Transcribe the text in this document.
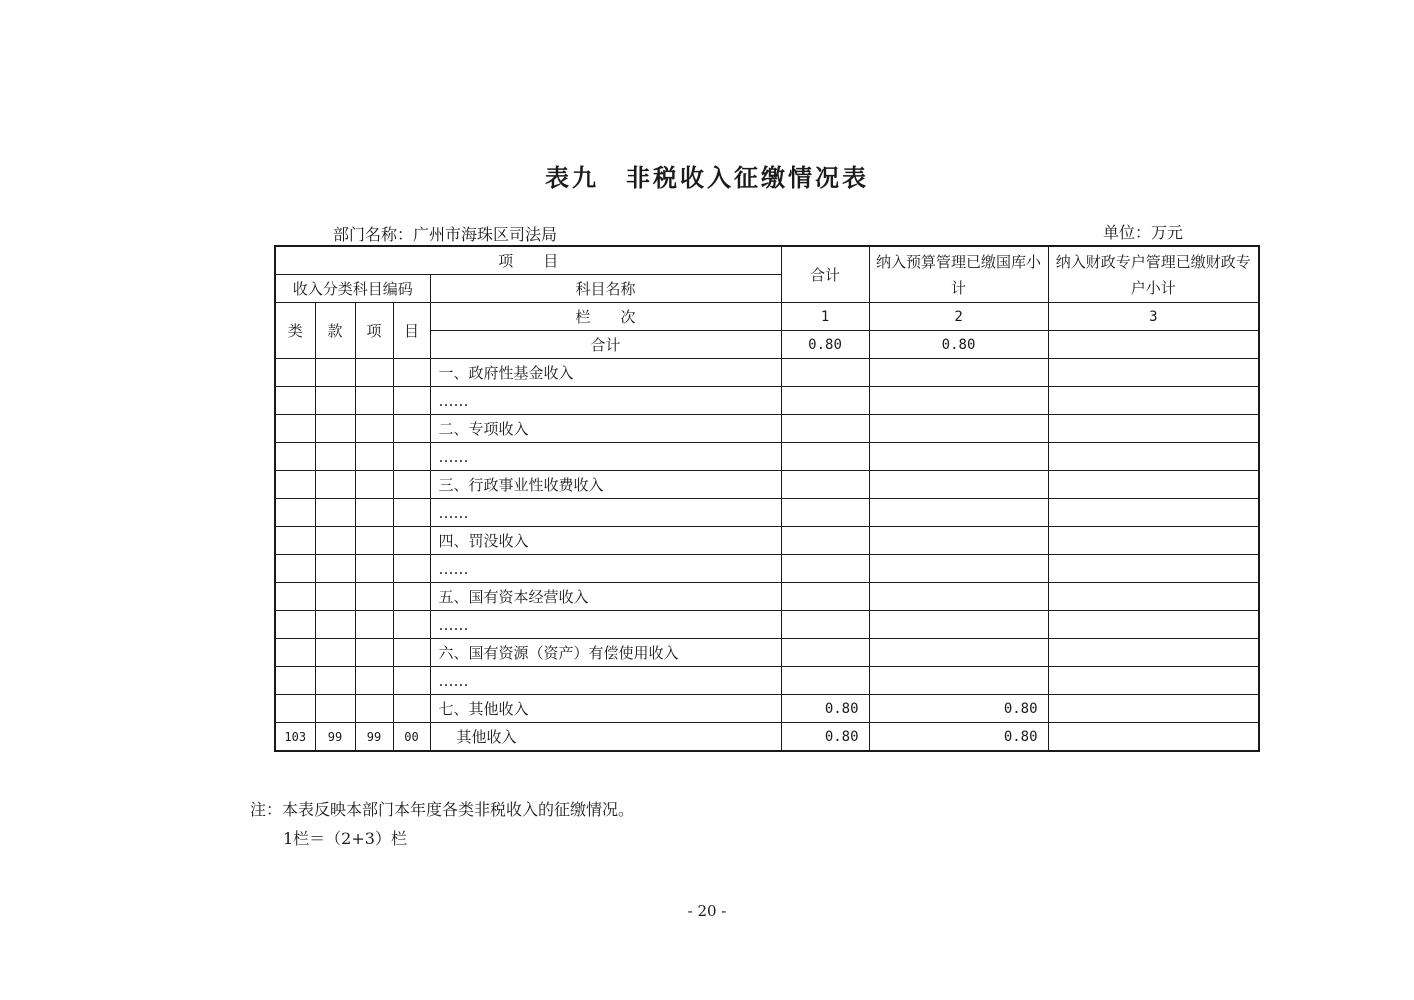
表九　非税收入征缴情况表
部门名称：广州市海珠区司法局	单位：万元
项　　目					合计	纳入预算管理已缴国库小计	纳入财政专户管理已缴财政专户小计
收入分类科目编码				科目名称			
类	款	项	目	栏　　次	1	2	3
				合计	0.80	0.80	
				一、政府性基金收入			
				……			
				二、专项收入			
				……			
				三、行政事业性收费收入			
				……			
				四、罚没收入			
				……			
				五、国有资本经营收入			
				……			
				六、国有资源（资产）有偿使用收入			
				……			
				七、其他收入	0.80	0.80	
103	99	99	00	其他收入	0.80	0.80	
注：本表反映本部门本年度各类非税收入的征缴情况。
1栏＝（2+3）栏
- 20 -
